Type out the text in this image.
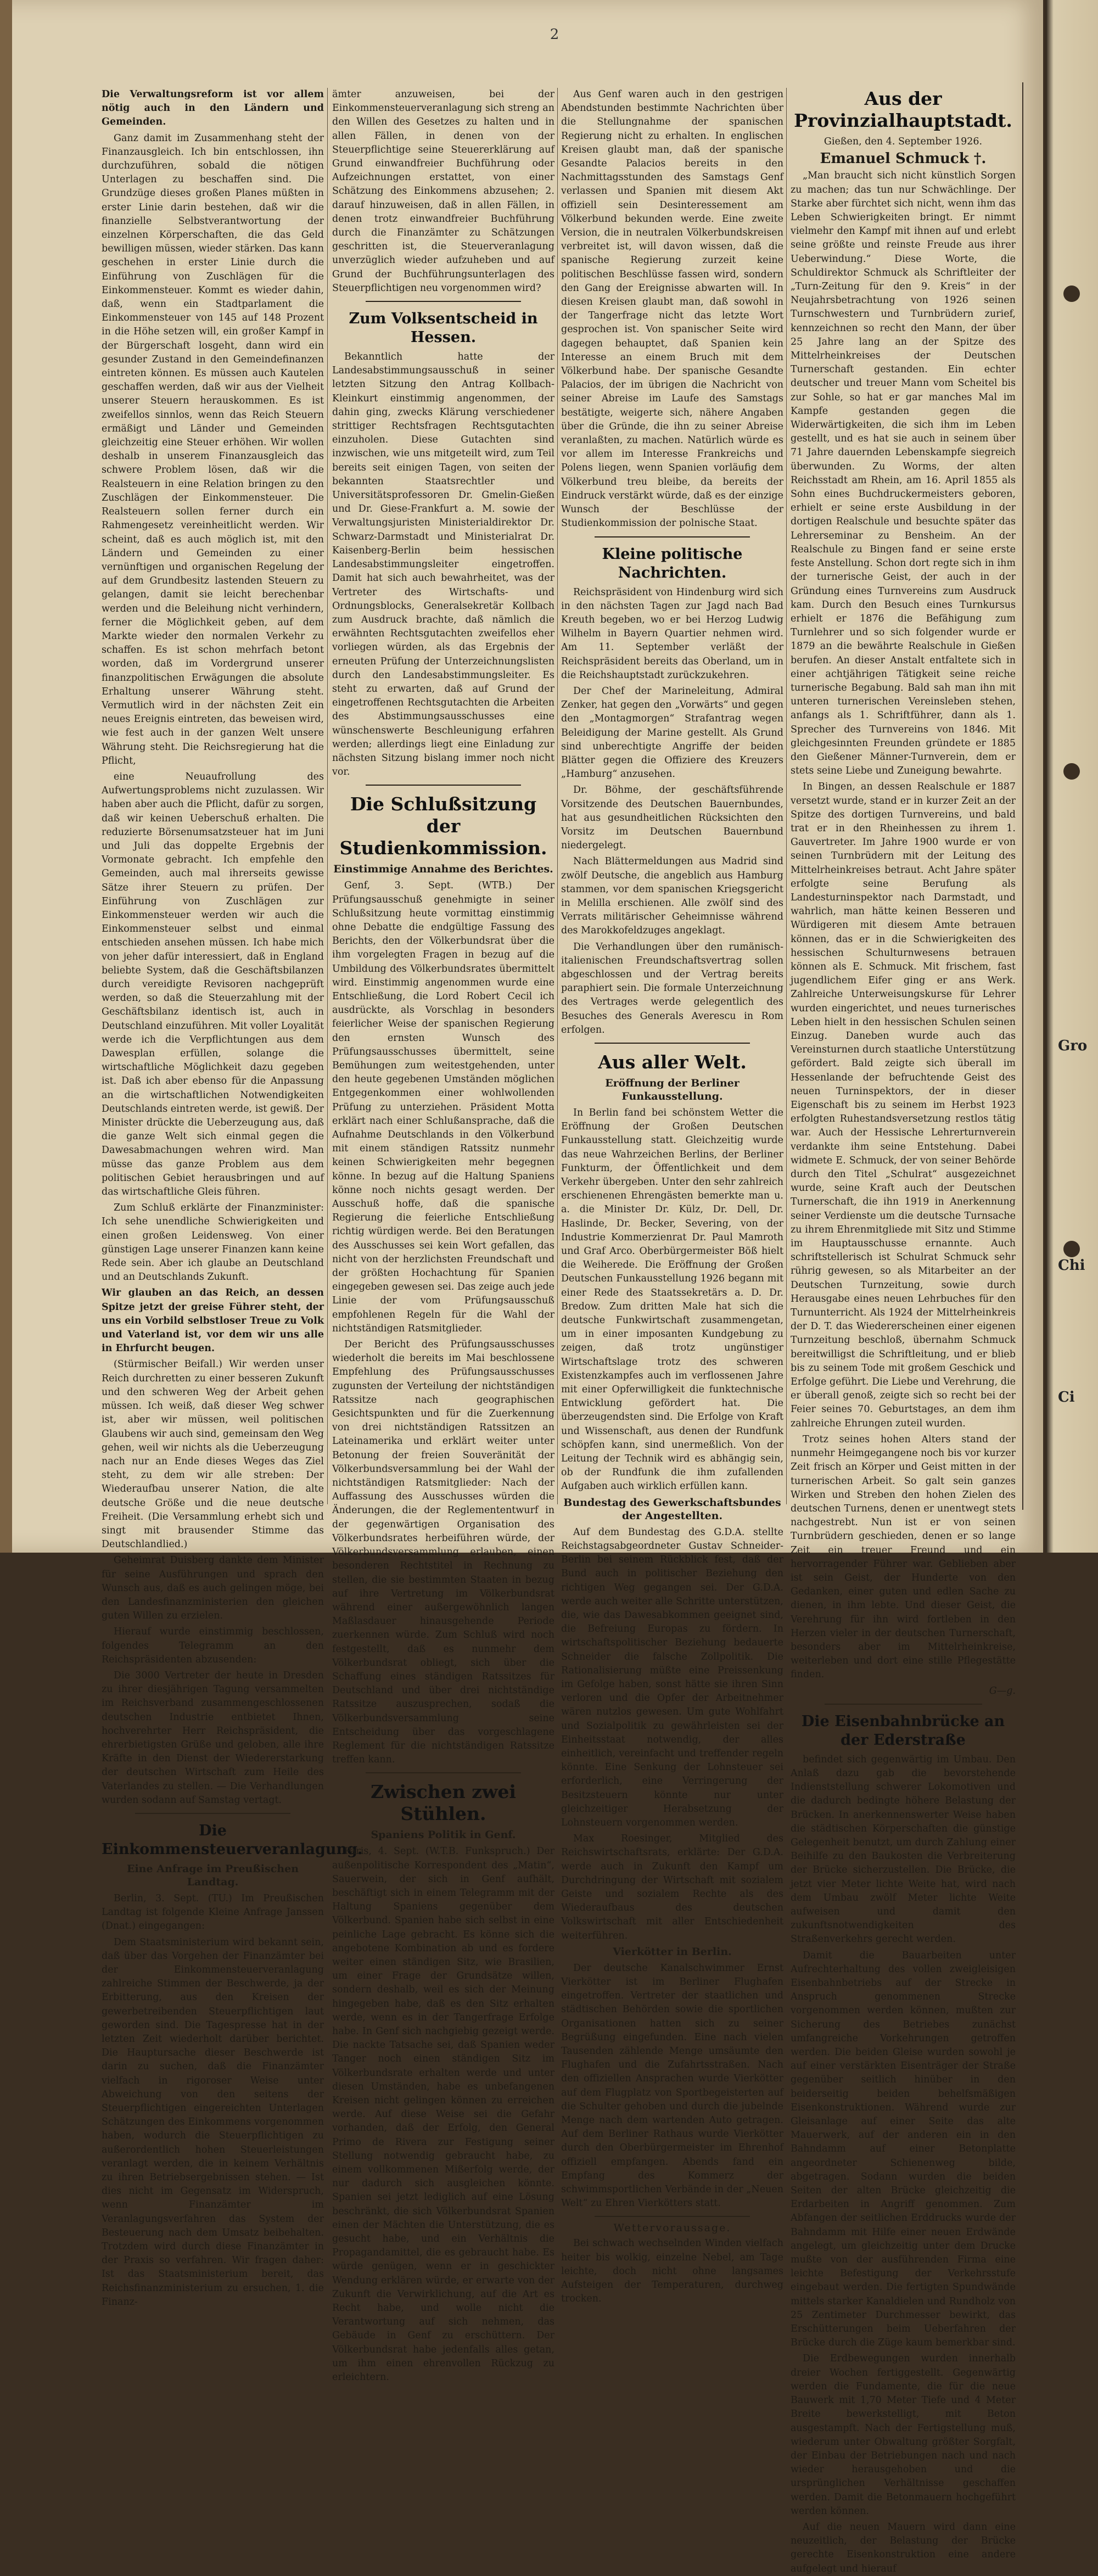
Gro
Chi
Ci
2

Die Verwaltungsreform ist vor allem nötig auch in den Ländern und Gemeinden.

Ganz damit im Zusammenhang steht der Finanzausgleich. Ich bin entschlossen, ihn durchzuführen, sobald die nötigen Unterlagen zu beschaffen sind. Die Grundzüge dieses großen Planes müßten in erster Linie darin bestehen, daß wir die finanzielle Selbstverantwortung der einzelnen Körperschaften, die das Geld bewilligen müssen, wieder stärken. Das kann geschehen in erster Linie durch die Einführung von Zuschlägen für die Einkommensteuer. Kommt es wieder dahin, daß, wenn ein Stadtparlament die Einkommensteuer von 145 auf 148 Prozent in die Höhe setzen will, ein großer Kampf in der Bürgerschaft losgeht, dann wird ein gesunder Zustand in den Gemeindefinanzen eintreten können. Es müssen auch Kautelen geschaffen werden, daß wir aus der Vielheit unserer Steuern herauskommen. Es ist zweifellos sinnlos, wenn das Reich Steuern ermäßigt und Länder und Gemeinden gleichzeitig eine Steuer erhöhen. Wir wollen deshalb in unserem Finanzausgleich das schwere Problem lösen, daß wir die Realsteuern in eine Relation bringen zu den Zuschlägen der Einkommensteuer. Die Realsteuern sollen ferner durch ein Rahmengesetz vereinheitlicht werden. Wir scheint, daß es auch möglich ist, mit den Ländern und Gemeinden zu einer vernünftigen und organischen Regelung der auf dem Grundbesitz lastenden Steuern zu gelangen, damit sie leicht berechenbar werden und die Beleihung nicht verhindern, ferner die Möglichkeit geben, auf dem Markte wieder den normalen Verkehr zu schaffen. Es ist schon mehrfach betont worden, daß im Vordergrund unserer finanzpolitischen Erwägungen die absolute Erhaltung unserer Währung steht. Vermutlich wird in der nächsten Zeit ein neues Ereignis eintreten, das beweisen wird, wie fest auch in der ganzen Welt unsere Währung steht. Die Reichsregierung hat die Pflicht,

eine Neuaufrollung des Aufwertungsproblems nicht zuzulassen. Wir haben aber auch die Pflicht, dafür zu sorgen, daß wir keinen Ueberschuß erhalten. Die reduzierte Börsenumsatzsteuer hat im Juni und Juli das doppelte Ergebnis der Vormonate gebracht. Ich empfehle den Gemeinden, auch mal ihrerseits gewisse Sätze ihrer Steuern zu prüfen. Der Einführung von Zuschlägen zur Einkommensteuer werden wir auch die Einkommensteuer selbst und einmal entschieden ansehen müssen. Ich habe mich von jeher dafür interessiert, daß in England beliebte System, daß die Geschäftsbilanzen durch vereidigte Revisoren nachgeprüft werden, so daß die Steuerzahlung mit der Geschäftsbilanz identisch ist, auch in Deutschland einzuführen. Mit voller Loyalität werde ich die Verpflichtungen aus dem Dawesplan erfüllen, solange die wirtschaftliche Möglichkeit dazu gegeben ist. Daß ich aber ebenso für die Anpassung an die wirtschaftlichen Notwendigkeiten Deutschlands eintreten werde, ist gewiß. Der Minister drückte die Ueberzeugung aus, daß die ganze Welt sich einmal gegen die Dawesabmachungen wehren wird. Man müsse das ganze Problem aus dem politischen Gebiet herausbringen und auf das wirtschaftliche Gleis führen.

Zum Schluß erklärte der Finanzminister: Ich sehe unendliche Schwierigkeiten und einen großen Leidensweg. Von einer günstigen Lage unserer Finanzen kann keine Rede sein. Aber ich glaube an Deutschland und an Deutschlands Zukunft.

Wir glauben an das Reich, an dessen Spitze jetzt der greise Führer steht, der uns ein Vorbild selbstloser Treue zu Volk und Vaterland ist, vor dem wir uns alle in Ehrfurcht beugen.

(Stürmischer Beifall.) Wir werden unser Reich durchretten zu einer besseren Zukunft und den schweren Weg der Arbeit gehen müssen. Ich weiß, daß dieser Weg schwer ist, aber wir müssen, weil politischen Glaubens wir auch sind, gemeinsam den Weg gehen, weil wir nichts als die Ueberzeugung nach nur an Ende dieses Weges das Ziel steht, zu dem wir alle streben: Der Wiederaufbau unserer Nation, die alte deutsche Größe und die neue deutsche Freiheit. (Die Versammlung erhebt sich und singt mit brausender Stimme das Deutschlandlied.)

Geheimrat Duisberg dankte dem Minister für seine Ausführungen und sprach den Wunsch aus, daß es auch gelingen möge, bei den Landesfinanzministerien den gleichen guten Willen zu erzielen.

Hierauf wurde einstimmig beschlossen, folgendes Telegramm an den Reichspräsidenten abzusenden:

Die 3000 Vertreter der heute in Dresden zu ihrer diesjährigen Tagung versammelten im Reichsverband zusammengeschlossenen deutschen Industrie entbietet Ihnen, hochverehrter Herr Reichspräsident, die ehrerbietigsten Grüße und geloben, alle ihre Kräfte in den Dienst der Wiedererstarkung der deutschen Wirtschaft zum Heile des Vaterlandes zu stellen. — Die Verhandlungen wurden sodann auf Samstag vertagt.

Die Einkommensteuerveranlagung.
Eine Anfrage im Preußischen Landtag.

Berlin, 3. Sept. (TU.) Im Preußischen Landtag ist folgende Kleine Anfrage Janssen (Dnat.) eingegangen:

Dem Staatsministerium wird bekannt sein, daß über das Vorgehen der Finanzämter bei der Einkommensteuerveranlagung zahlreiche Stimmen der Beschwerde, ja der Erbitterung, aus den Kreisen der gewerbetreibenden Steuerpflichtigen laut geworden sind. Die Tagespresse hat in der letzten Zeit wiederholt darüber berichtet. Die Hauptursache dieser Beschwerde ist darin zu suchen, daß die Finanzämter vielfach in rigoroser Weise unter Abweichung von den seitens der Steuerpflichtigen eingereichten Unterlagen Schätzungen des Einkommens vorgenommen haben, wodurch die Steuerpflichtigen zu außerordentlich hohen Steuerleistungen veranlagt werden, die in keinem Verhältnis zu ihren Betriebsergebnissen stehen. — Ist dies nicht im Gegensatz im Widerspruch, wenn Finanzämter im Veranlagungsverfahren das System der Besteuerung nach dem Umsatz beibehalten. Trotzdem wird durch diese Finanzämter in der Praxis so verfahren. Wir fragen daher: Ist das Staatsministerium bereit, das Reichsfinanzministerium zu ersuchen, 1. die Finanz-

ämter anzuweisen, bei der Einkommensteuerveranlagung sich streng an den Willen des Gesetzes zu halten und in allen Fällen, in denen von der Steuerpflichtige seine Steuererklärung auf Grund einwandfreier Buchführung oder Aufzeichnungen erstattet, von einer Schätzung des Einkommens abzusehen; 2. darauf hinzuweisen, daß in allen Fällen, in denen trotz einwandfreier Buchführung durch die Finanzämter zu Schätzungen geschritten ist, die Steuerveranlagung unverzüglich wieder aufzuheben und auf Grund der Buchführungsunterlagen des Steuerpflichtigen neu vorgenommen wird?

Zum Volksentscheid in Hessen.

Bekanntlich hatte der Landesabstimmungsausschuß in seiner letzten Sitzung den Antrag Kollbach-Kleinkurt einstimmig angenommen, der dahin ging, zwecks Klärung verschiedener strittiger Rechtsfragen Rechtsgutachten einzuholen. Diese Gutachten sind inzwischen, wie uns mitgeteilt wird, zum Teil bereits seit einigen Tagen, von seiten der bekannten Staatsrechtler und Universitätsprofessoren Dr. Gmelin-Gießen und Dr. Giese-Frankfurt a. M. sowie der Verwaltungsjuristen Ministerialdirektor Dr. Schwarz-Darmstadt und Ministerialrat Dr. Kaisenberg-Berlin beim hessischen Landesabstimmungsleiter eingetroffen. Damit hat sich auch bewahrheitet, was der Vertreter des Wirtschafts- und Ordnungsblocks, Generalsekretär Kollbach zum Ausdruck brachte, daß nämlich die erwähnten Rechtsgutachten zweifellos eher vorliegen würden, als das Ergebnis der erneuten Prüfung der Unterzeichnungslisten durch den Landesabstimmungsleiter. Es steht zu erwarten, daß auf Grund der eingetroffenen Rechtsgutachten die Arbeiten des Abstimmungsausschusses eine wünschenswerte Beschleunigung erfahren werden; allerdings liegt eine Einladung zur nächsten Sitzung bislang immer noch nicht vor.

Die Schlußsitzung der Studienkommission.
Einstimmige Annahme des Berichtes.

Genf, 3. Sept. (WTB.) Der Prüfungsausschuß genehmigte in seiner Schlußsitzung heute vormittag einstimmig ohne Debatte die endgültige Fassung des Berichts, den der Völkerbundsrat über die ihm vorgelegten Fragen in bezug auf die Umbildung des Völkerbundsrates übermittelt wird. Einstimmig angenommen wurde eine Entschließung, die Lord Robert Cecil ich ausdrückte, als Vorschlag in besonders feierlicher Weise der spanischen Regierung den ernsten Wunsch des Prüfungsausschusses übermittelt, seine Bemühungen zum weitestgehenden, unter den heute gegebenen Umständen möglichen Entgegenkommen einer wohlwollenden Prüfung zu unterziehen. Präsident Motta erklärt nach einer Schlußansprache, daß die Aufnahme Deutschlands in den Völkerbund mit einem ständigen Ratssitz nunmehr keinen Schwierigkeiten mehr begegnen könne. In bezug auf die Haltung Spaniens könne noch nichts gesagt werden. Der Ausschuß hoffe, daß die spanische Regierung die feierliche Entschließung richtig würdigen werde. Bei den Beratungen des Ausschusses sei kein Wort gefallen, das nicht von der herzlichsten Freundschaft und der größten Hochachtung für Spanien eingegeben gewesen sei. Das zeige auch jede Linie der vom Prüfungsausschuß empfohlenen Regeln für die Wahl der nichtständigen Ratsmitglieder.

Der Bericht des Prüfungsausschusses wiederholt die bereits im Mai beschlossene Empfehlung des Prüfungsausschusses zugunsten der Verteilung der nichtständigen Ratssitze nach geographischen Gesichtspunkten und für die Zuerkennung von drei nichtständigen Ratssitzen an Lateinamerika und erklärt weiter unter Betonung der freien Souveränität der Völkerbundsversammlung bei der Wahl der nichtständigen Ratsmitglieder: Nach der Auffassung des Ausschusses würden die Änderungen, die der Reglemententwurf in der gegenwärtigen Organisation des Völkerbundsrates herbeiführen würde, der Völkerbundsversammlung erlauben, einen besonderen Rechtstitel in Rechnung zu stellen, die sie bestimmten Staaten in bezug auf ihre Vertretung im Völkerbundsrat während einer außergewöhnlich langen Maßlasdauer hinausgehende Periode zuerkennen würde. Zum Schluß wird noch festgestellt, daß es nunmehr dem Völkerbundsrat obliegt, sich über die Schaffung eines ständigen Ratssitzes für Deutschland und über drei nichtständige Ratssitze auszusprechen, sodaß die Völkerbundsversammlung seine Entscheidung über das vorgeschlagene Reglement für die nichtständigen Ratssitze treffen kann.

Zwischen zwei Stühlen.
Spaniens Politik in Genf.

Paris, 4. Sept. (W.T.B. Funkspruch.) Der außenpolitische Korrespondent des „Matin“, Sauerwein, der sich in Genf aufhält, beschäftigt sich in einem Telegramm mit der Haltung Spaniens gegenüber dem Völkerbund. Spanien habe sich selbst in eine peinliche Lage gebracht. Es könne sich die angebotene Kombination ab und es fordere weiter einen ständigen Sitz, wie Brasilien, um einer Frage der Grundsätze willen, sondern deshalb, weil es sich der Meinung hingegeben habe, daß es den Sitz erhalten werde, wenn es in der Tangerfrage Erfolge habe. In Genf sich nachgiebig gezeigt werde. Die nackte Tatsache sei, daß Spanien weder Tanger noch einen ständigen Sitz im Völkerbundsrate erhalten werde und unter diesen Umständen, habe es unbefangenen Kreisen nicht gelingen können zu erreichen werde. Auf diese Weise sei die Gefahr vorhanden, daß der Erfolg, den General Primo de Rivera zur Festigung seiner Stellung notwendig gebraucht habe, zu einem vollkommenen Mißerfolg werde, der nur dadurch sich ausgleichen könnte. Spanien sei jetzt lediglich auf eine Lösung beschränkt, die sich Völkerbundsrat Spanien einen der Mächten die Unterstützung, die es gesucht habe, und ein Verhältnis die Propagandamittel, die es gebraucht habe. Es würde genügen, wenn er in geschickter Wendung erklären würde, er erwarte von der Zukunft die Verwirklichung, auf die Art es Recht habe, und wolle nicht die Verantwortung auf sich nehmen, das Gebäude in Genf zu erschüttern. Der Völkerbundsrat habe jedenfalls alles getan, um ihm einen ehrenvollen Rückzug zu erleichtern.

Aus Genf waren auch in den gestrigen Abendstunden bestimmte Nachrichten über die Stellungnahme der spanischen Regierung nicht zu erhalten. In englischen Kreisen glaubt man, daß der spanische Gesandte Palacios bereits in den Nachmittagsstunden des Samstags Genf verlassen und Spanien mit diesem Akt offiziell sein Desinteressement am Völkerbund bekunden werde. Eine zweite Version, die in neutralen Völkerbundskreisen verbreitet ist, will davon wissen, daß die spanische Regierung zurzeit keine politischen Beschlüsse fassen wird, sondern den Gang der Ereignisse abwarten will. In diesen Kreisen glaubt man, daß sowohl in der Tangerfrage nicht das letzte Wort gesprochen ist. Von spanischer Seite wird dagegen behauptet, daß Spanien kein Interesse an einem Bruch mit dem Völkerbund habe. Der spanische Gesandte Palacios, der im übrigen die Nachricht von seiner Abreise im Laufe des Samstags bestätigte, weigerte sich, nähere Angaben über die Gründe, die ihn zu seiner Abreise veranlaßten, zu machen. Natürlich würde es vor allem im Interesse Frankreichs und Polens liegen, wenn Spanien vorläufig dem Völkerbund treu bleibe, da bereits der Eindruck verstärkt würde, daß es der einzige Wunsch der Beschlüsse der Studienkommission der polnische Staat.

Kleine politische Nachrichten.

Reichspräsident von Hindenburg wird sich in den nächsten Tagen zur Jagd nach Bad Kreuth begeben, wo er bei Herzog Ludwig Wilhelm in Bayern Quartier nehmen wird. Am 11. September verläßt der Reichspräsident bereits das Oberland, um in die Reichshauptstadt zurückzukehren.

Der Chef der Marineleitung, Admiral Zenker, hat gegen den „Vorwärts“ und gegen den „Montagmorgen“ Strafantrag wegen Beleidigung der Marine gestellt. Als Grund sind unberechtigte Angriffe der beiden Blätter gegen die Offiziere des Kreuzers „Hamburg“ anzusehen.

Dr. Böhme, der geschäftsführende Vorsitzende des Deutschen Bauernbundes, hat aus gesundheitlichen Rücksichten den Vorsitz im Deutschen Bauernbund niedergelegt.

Nach Blättermeldungen aus Madrid sind zwölf Deutsche, die angeblich aus Hamburg stammen, vor dem spanischen Kriegsgericht in Melilla erschienen. Alle zwölf sind des Verrats militärischer Geheimnisse während des Marokkofeldzuges angeklagt.

Die Verhandlungen über den rumänisch-italienischen Freundschaftsvertrag sollen abgeschlossen und der Vertrag bereits paraphiert sein. Die formale Unterzeichnung des Vertrages werde gelegentlich des Besuches des Generals Averescu in Rom erfolgen.

Aus aller Welt.
Eröffnung der Berliner Funkausstellung.

In Berlin fand bei schönstem Wetter die Eröffnung der Großen Deutschen Funkausstellung statt. Gleichzeitig wurde das neue Wahrzeichen Berlins, der Berliner Funkturm, der Öffentlichkeit und dem Verkehr übergeben. Unter den sehr zahlreich erschienenen Ehrengästen bemerkte man u. a. die Minister Dr. Külz, Dr. Dell, Dr. Haslinde, Dr. Becker, Severing, von der Industrie Kommerzienrat Dr. Paul Mamroth und Graf Arco. Oberbürgermeister Böß hielt die Weiherede. Die Eröffnung der Großen Deutschen Funkausstellung 1926 begann mit einer Rede des Staatssekretärs a. D. Dr. Bredow. Zum dritten Male hat sich die deutsche Funkwirtschaft zusammengetan, um in einer imposanten Kundgebung zu zeigen, daß trotz ungünstiger Wirtschaftslage trotz des schweren Existenzkampfes auch im verflossenen Jahre mit einer Opferwilligkeit die funktechnische Entwicklung gefördert hat. Die überzeugendsten sind. Die Erfolge von Kraft und Wissenschaft, aus denen der Rundfunk schöpfen kann, sind unermeßlich. Von der Leitung der Technik wird es abhängig sein, ob der Rundfunk die ihm zufallenden Aufgaben auch wirklich erfüllen kann.

Bundestag des Gewerkschaftsbundes der Angestellten.

Auf dem Bundestag des G.D.A. stellte Reichstagsabgeordneter Gustav Schneider-Berlin bei seinem Rückblick fest, daß der Bund auch in politischer Beziehung den richtigen Weg gegangen sei. Der G.D.A. werde auch weiter alle Schritte unterstützen, die, wie das Dawesabkommen geeignet sind, die Befreiung Europas zu fördern. In wirtschaftspolitischer Beziehung bedauerte Schneider die falsche Zollpolitik. Die Rationalisierung müßte eine Preissenkung im Gefolge haben, sonst hätte sie ihren Sinn verloren und die Opfer der Arbeitnehmer wären nutzlos gewesen. Um gute Wohlfahrt und Sozialpolitik zu gewährleisten sei der Einheitsstaat notwendig, der alles einheitlich, vereinfacht und treffender regeln könnte. Eine Senkung der Lohnsteuer sei erforderlich, eine Verringerung der Besitzsteuern könnte nur unter gleichzeitiger Herabsetzung der Lohnsteuern vorgenommen werden.

Max Roesinger, Mitglied des Reichswirtschaftsrats, erklärte: Der G.D.A. werde auch in Zukunft den Kampf um Durchdringung der Wirtschaft mit sozialem Geiste und sozialem Rechte als des Wiederaufbaus des deutschen Volkswirtschaft mit aller Entschiedenheit weiterführen.

Vierkötter in Berlin.

Der deutsche Kanalschwimmer Ernst Vierkötter ist im Berliner Flughafen eingetroffen. Vertreter der staatlichen und städtischen Behörden sowie die sportlichen Organisationen hatten sich zu seiner Begrüßung eingefunden. Eine nach vielen Tausenden zählende Menge umsäumte den Flughafen und die Zufahrtsstraßen. Nach den offiziellen Ansprachen wurde Vierkötter auf dem Flugplatz von Sportbegeisterten auf die Schulter gehoben und durch die jubelnde Menge nach dem wartenden Auto getragen. Auf dem Berliner Rathaus wurde Vierkötter durch den Oberbürgermeister im Ehrenhof offiziell empfangen. Abends fand ein Empfang des Kommerz der schwimmsportlichen Verbände in der „Neuen Welt“ zu Ehren Vierkötters statt.

Wettervoraussage.

Bei schwach wechselnden Winden vielfach heiter bis wolkig, einzelne Nebel, am Tage leichte, doch nicht ohne langsames Aufsteigen der Temperaturen, durchweg trocken.

Aus der Provinzialhauptstadt.
Gießen, den 4. September 1926.
Emanuel Schmuck †.

„Man braucht sich nicht künstlich Sorgen zu machen; das tun nur Schwächlinge. Der Starke aber fürchtet sich nicht, wenn ihm das Leben Schwierigkeiten bringt. Er nimmt vielmehr den Kampf mit ihnen auf und erlebt seine größte und reinste Freude aus ihrer Ueberwindung.“ Diese Worte, die Schuldirektor Schmuck als Schriftleiter der „Turn-Zeitung für den 9. Kreis“ in der Neujahrsbetrachtung von 1926 seinen Turnschwestern und Turnbrüdern zurief, kennzeichnen so recht den Mann, der über 25 Jahre lang an der Spitze des Mittelrheinkreises der Deutschen Turnerschaft gestanden. Ein echter deutscher und treuer Mann vom Scheitel bis zur Sohle, so hat er gar manches Mal im Kampfe gestanden gegen die Widerwärtigkeiten, die sich ihm im Leben gestellt, und es hat sie auch in seinem über 71 Jahre dauernden Lebenskampfe siegreich überwunden. Zu Worms, der alten Reichsstadt am Rhein, am 16. April 1855 als Sohn eines Buchdruckermeisters geboren, erhielt er seine erste Ausbildung in der dortigen Realschule und besuchte später das Lehrerseminar zu Bensheim. An der Realschule zu Bingen fand er seine erste feste Anstellung. Schon dort regte sich in ihm der turnerische Geist, der auch in der Gründung eines Turnvereins zum Ausdruck kam. Durch den Besuch eines Turnkursus erhielt er 1876 die Befähigung zum Turnlehrer und so sich folgender wurde er 1879 an die bewährte Realschule in Gießen berufen. An dieser Anstalt entfaltete sich in einer achtjährigen Tätigkeit seine reiche turnerische Begabung. Bald sah man ihn mit unteren turnerischen Vereinsleben stehen, anfangs als 1. Schriftführer, dann als 1. Sprecher des Turnvereins von 1846. Mit gleichgesinnten Freunden gründete er 1885 den Gießener Männer-Turnverein, dem er stets seine Liebe und Zuneigung bewahrte.

In Bingen, an dessen Realschule er 1887 versetzt wurde, stand er in kurzer Zeit an der Spitze des dortigen Turnvereins, und bald trat er in den Rheinhessen zu ihrem 1. Gauvertreter. Im Jahre 1900 wurde er von seinen Turnbrüdern mit der Leitung des Mittelrheinkreises betraut. Acht Jahre später erfolgte seine Berufung als Landesturninspektor nach Darmstadt, und wahrlich, man hätte keinen Besseren und Würdigeren mit diesem Amte betrauen können, das er in die Schwierigkeiten des hessischen Schulturnwesens betrauen können als E. Schmuck. Mit frischem, fast jugendlichem Eifer ging er ans Werk. Zahlreiche Unterweisungskurse für Lehrer wurden eingerichtet, und neues turnerisches Leben hielt in den hessischen Schulen seinen Einzug. Daneben wurde auch das Vereinsturnen durch staatliche Unterstützung gefördert. Bald zeigte sich überall im Hessenlande der befruchtende Geist des neuen Turninspektors, der in dieser Eigenschaft bis zu seinem im Herbst 1923 erfolgten Ruhestandsversetzung restlos tätig war. Auch der Hessische Lehrerturnverein verdankte ihm seine Entstehung. Dabei widmete E. Schmuck, der von seiner Behörde durch den Titel „Schulrat“ ausgezeichnet wurde, seine Kraft auch der Deutschen Turnerschaft, die ihn 1919 in Anerkennung seiner Verdienste um die deutsche Turnsache zu ihrem Ehrenmitgliede mit Sitz und Stimme im Hauptausschusse ernannte. Auch schriftstellerisch ist Schulrat Schmuck sehr rührig gewesen, so als Mitarbeiter an der Deutschen Turnzeitung, sowie durch Herausgabe eines neuen Lehrbuches für den Turnunterricht. Als 1924 der Mittelrheinkreis der D. T. das Wiedererscheinen einer eigenen Turnzeitung beschloß, übernahm Schmuck bereitwilligst die Schriftleitung, und er blieb bis zu seinem Tode mit großem Geschick und Erfolge geführt. Die Liebe und Verehrung, die er überall genoß, zeigte sich so recht bei der Feier seines 70. Geburtstages, an dem ihm zahlreiche Ehrungen zuteil wurden.

Trotz seines hohen Alters stand der nunmehr Heimgegangene noch bis vor kurzer Zeit frisch an Körper und Geist mitten in der turnerischen Arbeit. So galt sein ganzes Wirken und Streben den hohen Zielen des deutschen Turnens, denen er unentwegt stets nachgestrebt. Nun ist er von seinen Turnbrüdern geschieden, denen er so lange Zeit ein treuer Freund und ein hervorragender Führer war. Geblieben aber ist sein Geist, der Hunderte von den Gedanken, einer guten und edlen Sache zu dienen, in ihm lebte. Und dieser Geist, die Verehrung für ihn wird fortleben in den Herzen vieler in der deutschen Turnerschaft, besonders aber im Mittelrheinkreise, weiterleben und dort eine stille Pflegestätte finden.

G—g.

Die Eisenbahnbrücke an der Ederstraße

befindet sich gegenwärtig im Umbau. Den Anlaß dazu gab die bevorstehende Indienststellung schwerer Lokomotiven und die dadurch bedingte höhere Belastung der Brücken. In anerkennenswerter Weise haben die städtischen Körperschaften die günstige Gelegenheit benutzt, um durch Zahlung einer Beihilfe zu den Baukosten die Verbreiterung der Brücke sicherzustellen. Die Brücke, die jetzt vier Meter lichte Weite hat, wird nach dem Umbau zwölf Meter lichte Weite aufweisen und damit den zukunftsnotwendigkeiten des Straßenverkehrs gerecht werden.

Damit die Bauarbeiten unter Aufrechterhaltung des vollen zweigleisigen Eisenbahnbetriebs auf der Strecke in Anspruch genommenen Strecke vorgenommen werden können, mußten zur Sicherung des Betriebes zunächst umfangreiche Vorkehrungen getroffen werden. Die beiden Gleise wurden sowohl je auf einer verstärkten Eisenträger der Straße gegenüber seitlich hinüber in den beiderseitig beiden behelfsmäßigen Eisenkonstruktionen. Während wurde zur Gleisanlage auf einer Seite das alte Mauerwerk, auf der anderen ein in den Bahndamm auf einer Betonplatte angeordneter Schienenweg bilde, abgetragen. Sodann wurden die beiden Seiten der alten Brücke gleichzeitig die Erdarbeiten in Angriff genommen. Zum Abfangen der seitlichen Erddrucks wurde der Bahndamm mit Hilfe einer neuen Erdwände angelegt, um gleichzeitig unter dem Drucke mußte von der ausführenden Firma eine leichte Befestigung der Verkehrsstufe eingebaut werden. Die fertigten Spundwände mittels starker Kanaldielen und Rundholz von 25 Zentimeter Durchmesser bewirkt, das Erschütterungen beim Ueberfahren der Brücke durch die Züge kaum bemerkbar sind.

Die Erdbewegungen wurden innerhalb dreier Wochen fertiggestellt. Gegenwärtig werden die Fundamente, die für die neue Bauwerk mit 1,70 Meter Tiefe und 4 Meter Breite bewerkstelligt, mit Beton ausgestampft. Nach der Fertigstellung muß, wiederum unter Obwaltung größter Sorgfalt, der Einbau der Betriebungen nach und nach wieder herausgehoben und die ursprünglichen Verhältnisse geschaffen werden. Damit die Betonmauern hochgeführt werden können.

Auf die neuen Mauern wird dann eine neuzeitlich, der Belastung der Brücke gerechte Eisenkonstruktion eine andere aufgelegt und hierauf
